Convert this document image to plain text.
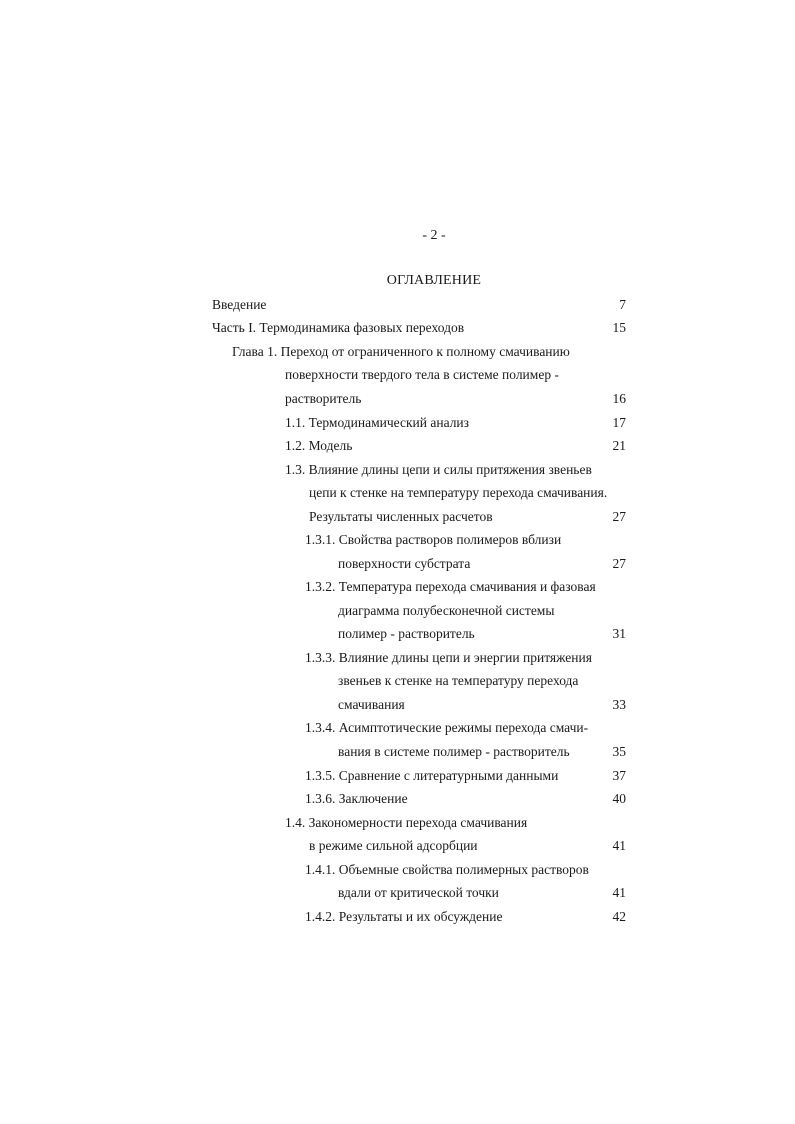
- 2 -
ОГЛАВЛЕНИЕ
Введение	7
Часть I. Термодинамика фазовых переходов	15
Глава 1. Переход от ограниченного к полному смачиванию
поверхности твердого тела в системе полимер -
растворитель	16
1.1. Термодинамический анализ	17
1.2. Модель	21
1.3. Влияние длины цепи и силы притяжения звеньев
цепи к стенке на температуру перехода смачивания.
Результаты численных расчетов	27
1.3.1. Свойства растворов полимеров вблизи
поверхности субстрата	27
1.3.2. Температура перехода смачивания и фазовая
диаграмма полубесконечной системы
полимер - растворитель	31
1.3.3. Влияние длины цепи и энергии притяжения
звеньев к стенке на температуру перехода
смачивания	33
1.3.4. Асимптотические режимы перехода смачи-
вания в системе полимер - растворитель	35
1.3.5. Сравнение с литературными данными	37
1.3.6. Заключение	40
1.4. Закономерности перехода смачивания
в режиме сильной адсорбции	41
1.4.1. Объемные свойства полимерных растворов
вдали от критической точки	41
1.4.2. Результаты и их обсуждение	42
